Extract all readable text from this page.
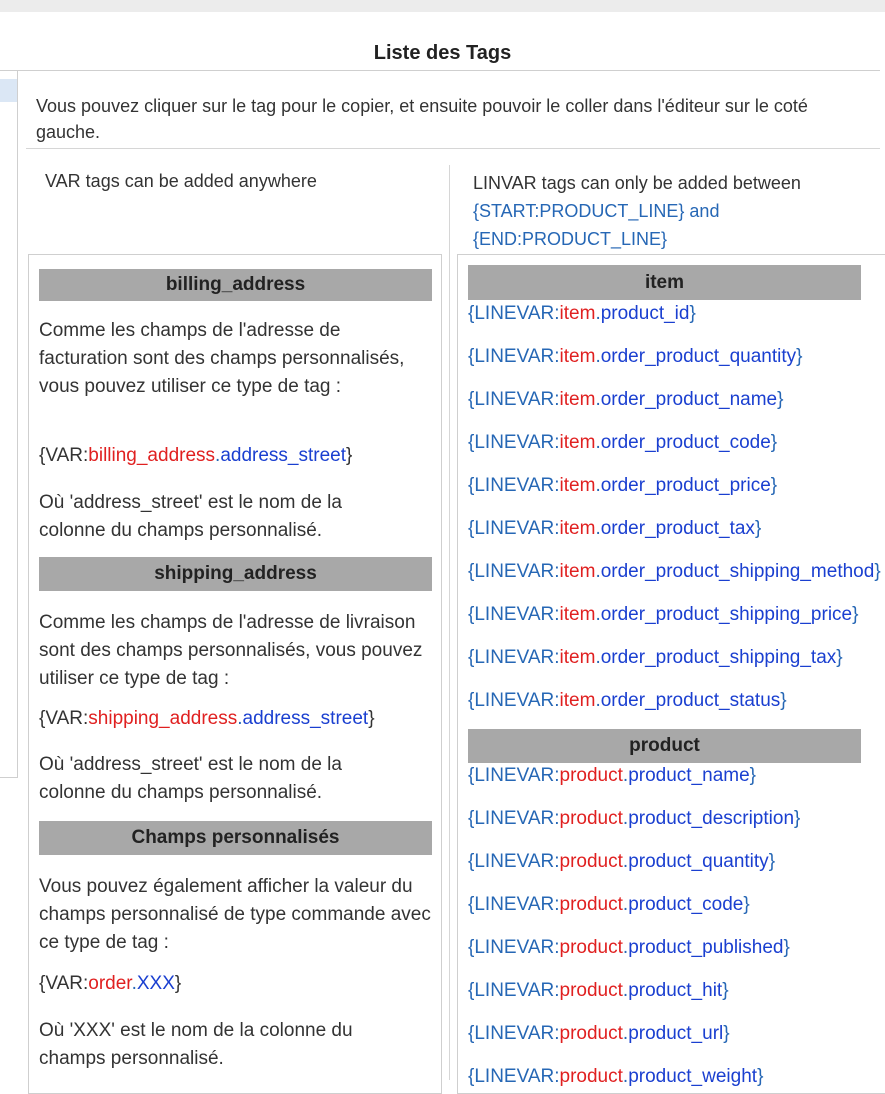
Liste des Tags
Vous pouvez cliquer sur le tag pour le copier, et ensuite pouvoir le coller dans l'éditeur sur le coté gauche.
VAR tags can be added anywhere	LINVAR tags can only be added between
{START:PRODUCT_LINE} and
{END:PRODUCT_LINE}
billing_address
Comme les champs de l'adresse de facturation sont des champs personnalisés, vous pouvez utiliser ce type de tag :
{VAR:billing_address.address_street}
Où 'address_street' est le nom de la colonne du champs personnalisé.
shipping_address
Comme les champs de l'adresse de livraison sont des champs personnalisés, vous pouvez utiliser ce type de tag :
{VAR:shipping_address.address_street}
Où 'address_street' est le nom de la colonne du champs personnalisé.
Champs personnalisés
Vous pouvez également afficher la valeur du champs personnalisé de type commande avec ce type de tag :
{VAR:order.XXX}
Où 'XXX' est le nom de la colonne du champs personnalisé.
item
{LINEVAR:item.product_id}
{LINEVAR:item.order_product_quantity}
{LINEVAR:item.order_product_name}
{LINEVAR:item.order_product_code}
{LINEVAR:item.order_product_price}
{LINEVAR:item.order_product_tax}
{LINEVAR:item.order_product_shipping_method}
{LINEVAR:item.order_product_shipping_price}
{LINEVAR:item.order_product_shipping_tax}
{LINEVAR:item.order_product_status}
product
{LINEVAR:product.product_name}
{LINEVAR:product.product_description}
{LINEVAR:product.product_quantity}
{LINEVAR:product.product_code}
{LINEVAR:product.product_published}
{LINEVAR:product.product_hit}
{LINEVAR:product.product_url}
{LINEVAR:product.product_weight}
